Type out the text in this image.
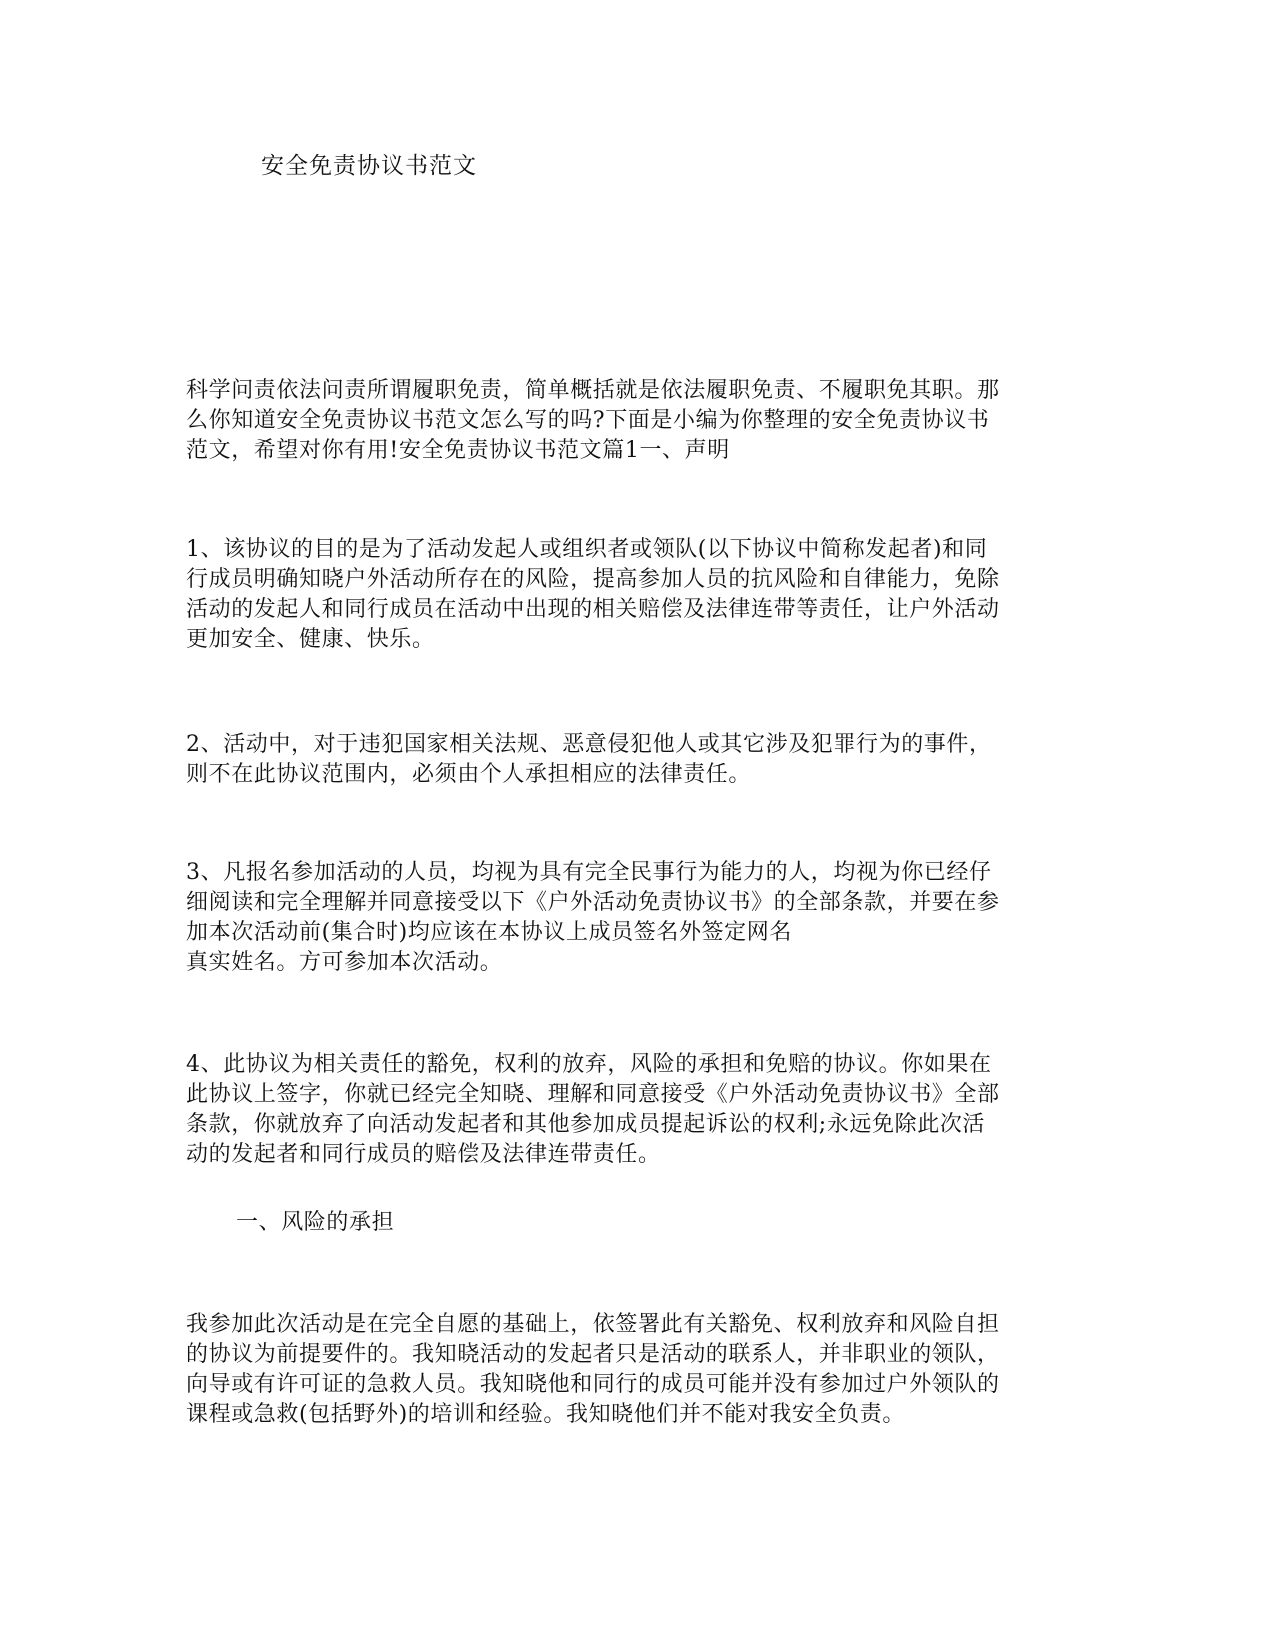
安全免责协议书范文
科学问责依法问责所谓履职免责，简单概括就是依法履职免责、不履职免其职。那
么你知道安全免责协议书范文怎么写的吗?下面是小编为你整理的安全免责协议书
范文，希望对你有用!安全免责协议书范文篇1一、声明
1、该协议的目的是为了活动发起人或组织者或领队(以下协议中简称发起者)和同
行成员明确知晓户外活动所存在的风险，提高参加人员的抗风险和自律能力，免除
活动的发起人和同行成员在活动中出现的相关赔偿及法律连带等责任，让户外活动
更加安全、健康、快乐。
2、活动中，对于违犯国家相关法规、恶意侵犯他人或其它涉及犯罪行为的事件，
则不在此协议范围内，必须由个人承担相应的法律责任。
3、凡报名参加活动的人员，均视为具有完全民事行为能力的人，均视为你已经仔
细阅读和完全理解并同意接受以下《户外活动免责协议书》的全部条款，并要在参
加本次活动前(集合时)均应该在本协议上成员签名外签定网名
真实姓名。方可参加本次活动。
4、此协议为相关责任的豁免，权利的放弃，风险的承担和免赔的协议。你如果在
此协议上签字，你就已经完全知晓、理解和同意接受《户外活动免责协议书》全部
条款，你就放弃了向活动发起者和其他参加成员提起诉讼的权利;永远免除此次活
动的发起者和同行成员的赔偿及法律连带责任。
一、风险的承担
我参加此次活动是在完全自愿的基础上，依签署此有关豁免、权利放弃和风险自担
的协议为前提要件的。我知晓活动的发起者只是活动的联系人，并非职业的领队，
向导或有许可证的急救人员。我知晓他和同行的成员可能并没有参加过户外领队的
课程或急救(包括野外)的培训和经验。我知晓他们并不能对我安全负责。
